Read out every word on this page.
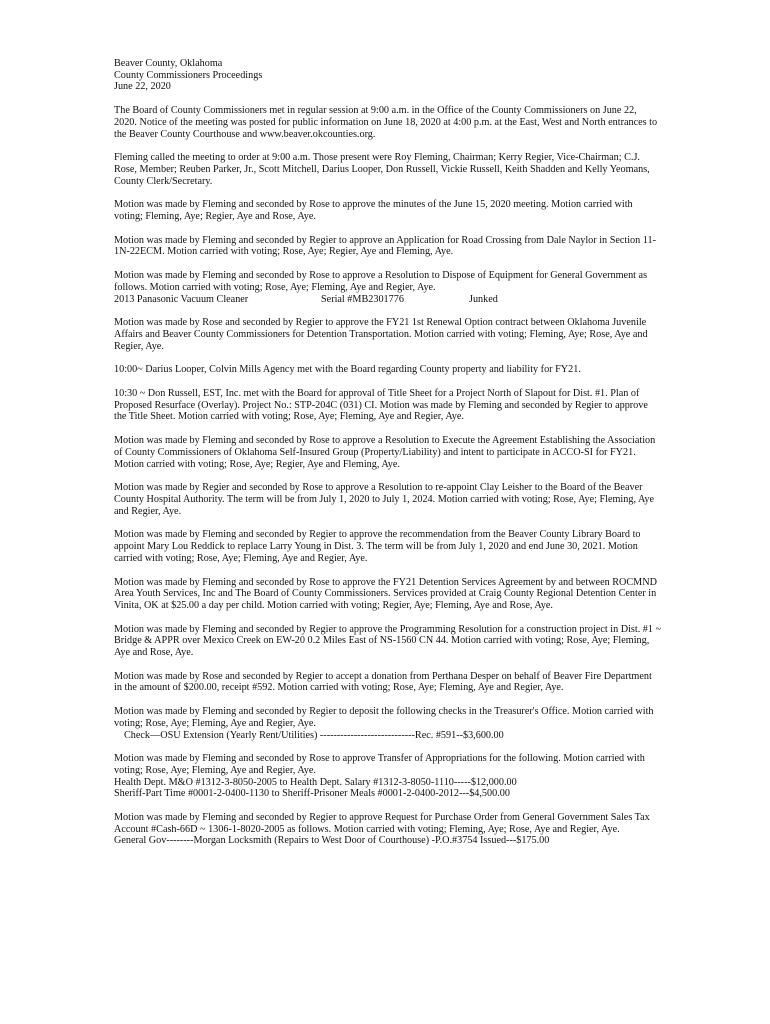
Beaver County, Oklahoma

County Commissioners Proceedings

June 22, 2020

The Board of County Commissioners met in regular session at 9:00 a.m. in the Office of the County Commissioners on June 22, 2020. Notice of the meeting was posted for public information on June 18, 2020 at 4:00 p.m. at the East, West and North entrances to the Beaver County Courthouse and www.beaver.okcounties.org.

Fleming called the meeting to order at 9:00 a.m. Those present were Roy Fleming, Chairman; Kerry Regier, Vice-Chairman; C.J. Rose, Member; Reuben Parker, Jr., Scott Mitchell, Darius Looper, Don Russell, Vickie Russell, Keith Shadden and Kelly Yeomans, County Clerk/Secretary.

Motion was made by Fleming and seconded by Rose to approve the minutes of the June 15, 2020 meeting. Motion carried with voting; Fleming, Aye; Regier, Aye and Rose, Aye.

Motion was made by Fleming and seconded by Regier to approve an Application for Road Crossing from Dale Naylor in Section 11-1N-22ECM. Motion carried with voting; Rose, Aye; Regier, Aye and Fleming, Aye.

Motion was made by Fleming and seconded by Rose to approve a Resolution to Dispose of Equipment for General Government as follows. Motion carried with voting; Rose, Aye; Fleming, Aye and Regier, Aye.
2013 Panasonic Vacuum Cleaner	Serial #MB2301776	Junked

Motion was made by Rose and seconded by Regier to approve the FY21 1st Renewal Option contract between Oklahoma Juvenile Affairs and Beaver County Commissioners for Detention Transportation. Motion carried with voting; Fleming, Aye; Rose, Aye and Regier, Aye.

10:00~ Darius Looper, Colvin Mills Agency met with the Board regarding County property and liability for FY21.

10:30 ~ Don Russell, EST, Inc. met with the Board for approval of Title Sheet for a Project North of Slapout for Dist. #1. Plan of Proposed Resurface (Overlay). Project No.: STP-204C (031) CI. Motion was made by Fleming and seconded by Regier to approve the Title Sheet. Motion carried with voting; Rose, Aye; Fleming, Aye and Regier, Aye.

Motion was made by Fleming and seconded by Rose to approve a Resolution to Execute the Agreement Establishing the Association of County Commissioners of Oklahoma Self-Insured Group (Property/Liability) and intent to participate in ACCO-SI for FY21. Motion carried with voting; Rose, Aye; Regier, Aye and Fleming, Aye.

Motion was made by Regier and seconded by Rose to approve a Resolution to re-appoint Clay Leisher to the Board of the Beaver County Hospital Authority. The term will be from July 1, 2020 to July 1, 2024. Motion carried with voting; Rose, Aye; Fleming, Aye and Regier, Aye.

Motion was made by Fleming and seconded by Regier to approve the recommendation from the Beaver County Library Board to appoint Mary Lou Reddick to replace Larry Young in Dist. 3. The term will be from July 1, 2020 and end June 30, 2021. Motion carried with voting; Rose, Aye; Fleming, Aye and Regier, Aye.

Motion was made by Fleming and seconded by Rose to approve the FY21 Detention Services Agreement by and between ROCMND Area Youth Services, Inc and The Board of County Commissioners. Services provided at Craig County Regional Detention Center in Vinita, OK at $25.00 a day per child. Motion carried with voting; Regier, Aye; Fleming, Aye and Rose, Aye.

Motion was made by Fleming and seconded by Regier to approve the Programming Resolution for a construction project in Dist. #1 ~ Bridge & APPR over Mexico Creek on EW-20 0.2 Miles East of NS-1560 CN 44. Motion carried with voting; Rose, Aye; Fleming, Aye and Rose, Aye.

Motion was made by Rose and seconded by Regier to accept a donation from Perthana Desper on behalf of Beaver Fire Department in the amount of $200.00, receipt #592. Motion carried with voting; Rose, Aye; Fleming, Aye and Regier, Aye.

Motion was made by Fleming and seconded by Regier to deposit the following checks in the Treasurer's Office. Motion carried with voting; Rose, Aye; Fleming, Aye and Regier, Aye.
Check—OSU Extension (Yearly Rent/Utilities) ----------------------------Rec. #591--$3,600.00
Motion was made by Fleming and seconded by Rose to approve Transfer of Appropriations for the following. Motion carried with voting; Rose, Aye; Fleming, Aye and Regier, Aye.
Health Dept. M&O #1312-3-8050-2005 to Health Dept. Salary #1312-3-8050-1110-----$12,000.00
Sheriff-Part Time #0001-2-0400-1130 to Sheriff-Prisoner Meals #0001-2-0400-2012---$4,500.00
Motion was made by Fleming and seconded by Regier to approve Request for Purchase Order from General Government Sales Tax Account #Cash-66D ~ 1306-1-8020-2005 as follows. Motion carried with voting; Fleming, Aye; Rose, Aye and Regier, Aye.
General Gov--------Morgan Locksmith (Repairs to West Door of Courthouse) -P.O.#3754 Issued---$175.00
